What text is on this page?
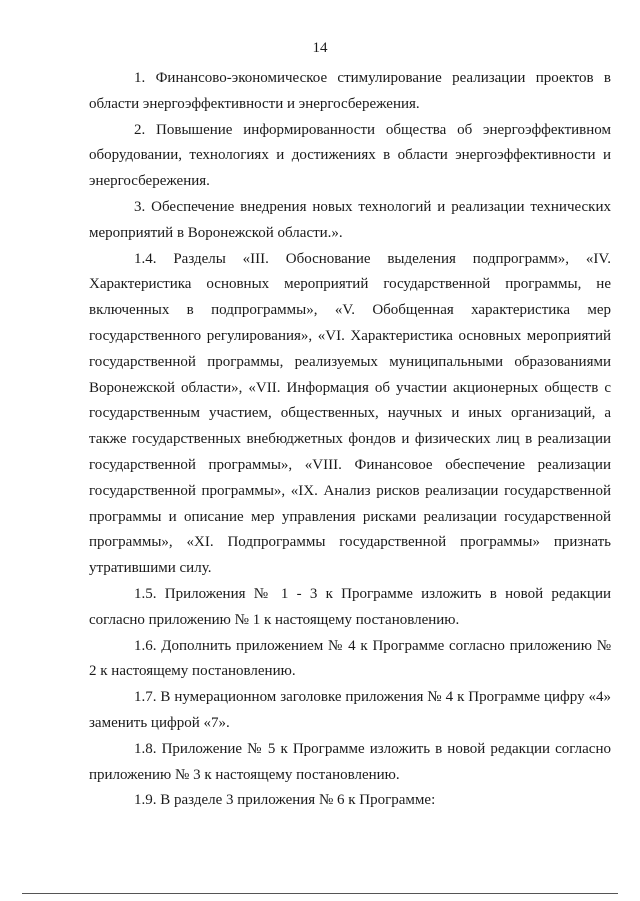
14

1. Финансово-экономическое стимулирование реализации проектов в области энергоэффективности и энергосбережения.

2. Повышение информированности общества об энергоэффективном оборудовании, технологиях и достижениях в области энергоэффективности и энергосбережения.

3. Обеспечение внедрения новых технологий и реализации технических мероприятий в Воронежской области.».

1.4. Разделы «III. Обоснование выделения подпрограмм», «IV. Характеристика основных мероприятий государственной программы, не включенных в подпрограммы», «V. Обобщенная характеристика мер государственного регулирования», «VI. Характеристика основных мероприятий государственной программы, реализуемых муниципальными образованиями Воронежской области», «VII. Информация об участии акционерных обществ с государственным участием, общественных, научных и иных организаций, а также государственных внебюджетных фондов и физических лиц в реализации государственной программы», «VIII. Финансовое обеспечение реализации государственной программы», «IX. Анализ рисков реализации государственной программы и описание мер управления рисками реализации государственной программы», «XI. Подпрограммы государственной программы» признать утратившими силу.

1.5. Приложения № 1 - 3 к Программе изложить в новой редакции согласно приложению № 1 к настоящему постановлению.

1.6. Дополнить приложением № 4 к Программе согласно приложению № 2 к настоящему постановлению.

1.7. В нумерационном заголовке приложения № 4 к Программе цифру «4» заменить цифрой «7».

1.8. Приложение № 5 к Программе изложить в новой редакции согласно приложению № 3 к настоящему постановлению.

1.9. В разделе 3 приложения № 6 к Программе:
